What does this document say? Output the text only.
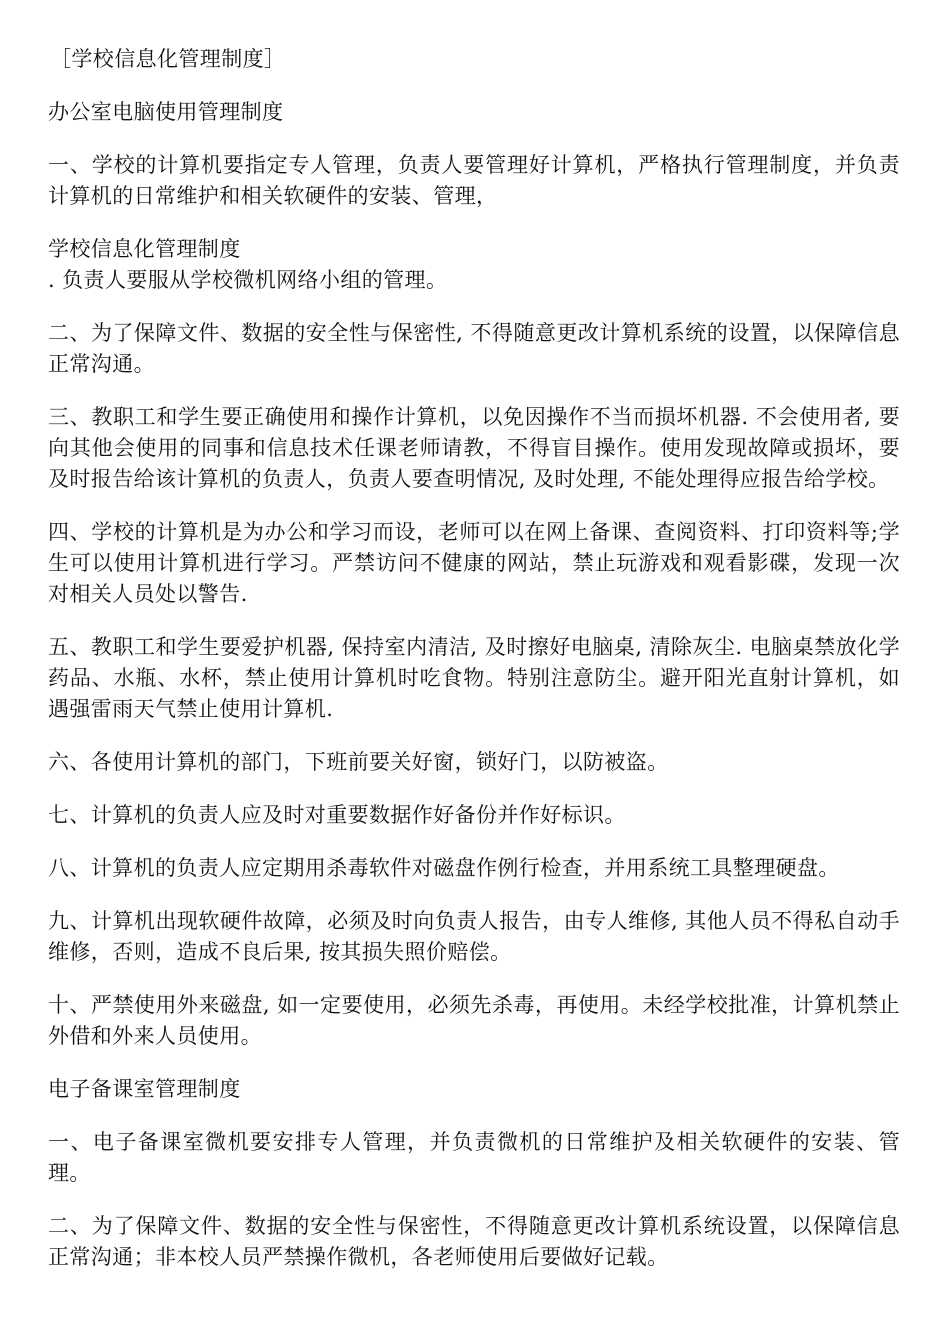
［学校信息化管理制度］

办公室电脑使用管理制度

一、学校的计算机要指定专人管理，负责人要管理好计算机，严格执行管理制度，并负责计算机的日常维护和相关软硬件的安装、管理，

学校信息化管理制度

. 负责人要服从学校微机网络小组的管理。

二、为了保障文件、数据的安全性与保密性, 不得随意更改计算机系统的设置，以保障信息正常沟通。

三、教职工和学生要正确使用和操作计算机，以免因操作不当而损坏机器. 不会使用者, 要向其他会使用的同事和信息技术任课老师请教，不得盲目操作。使用发现故障或损坏，要及时报告给该计算机的负责人，负责人要查明情况, 及时处理, 不能处理得应报告给学校。

四、学校的计算机是为办公和学习而设，老师可以在网上备课、查阅资料、打印资料等;学生可以使用计算机进行学习。严禁访问不健康的网站，禁止玩游戏和观看影碟，发现一次对相关人员处以警告.

五、教职工和学生要爱护机器, 保持室内清洁, 及时擦好电脑桌, 清除灰尘. 电脑桌禁放化学药品、水瓶、水杯，禁止使用计算机时吃食物。特别注意防尘。避开阳光直射计算机，如遇强雷雨天气禁止使用计算机.

六、各使用计算机的部门，下班前要关好窗，锁好门，以防被盗。

七、计算机的负责人应及时对重要数据作好备份并作好标识。

八、计算机的负责人应定期用杀毒软件对磁盘作例行检查，并用系统工具整理硬盘。

九、计算机出现软硬件故障，必须及时向负责人报告，由专人维修, 其他人员不得私自动手维修，否则，造成不良后果, 按其损失照价赔偿。

十、严禁使用外来磁盘, 如一定要使用，必须先杀毒，再使用。未经学校批准，计算机禁止外借和外来人员使用。

电子备课室管理制度

一、电子备课室微机要安排专人管理，并负责微机的日常维护及相关软硬件的安装、管理。

二、为了保障文件、数据的安全性与保密性，不得随意更改计算机系统设置，以保障信息正常沟通；非本校人员严禁操作微机，各老师使用后要做好记载。
